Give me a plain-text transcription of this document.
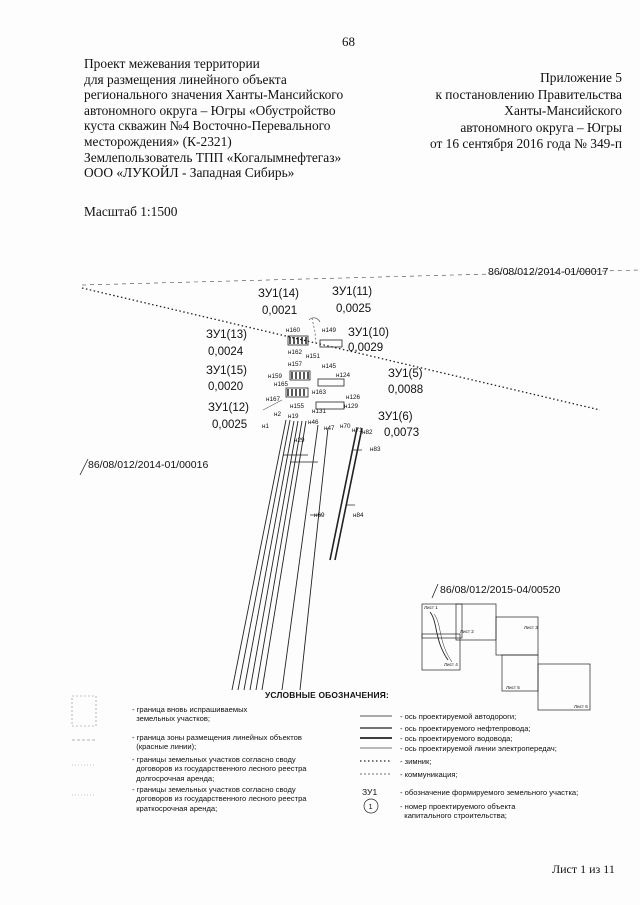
68
Проект межевания территории
для размещения линейного объекта
регионального значения Ханты-Мансийского
автономного округа – Югры «Обустройство
куста скважин №4 Восточно-Перевального
месторождения» (К-2321)
Землепользователь ТПП «Когалымнефтегаз»
ООО «ЛУКОЙЛ - Западная Сибирь»
Приложение 5
к постановлению Правительства
Ханты-Мансийского
автономного округа – Югры
от 16 сентября 2016 года № 349-п
Масштаб 1:1500
86/08/012/2014-01/00017
86/08/012/2014-01/00016
86/08/012/2015-04/00520
ЗУ1(14)
0,0021
ЗУ1(11)
0,0025
ЗУ1(13)
0,0024
ЗУ1(10)
0,0029
ЗУ1(15)
0,0020
ЗУ1(5)
0,0088
ЗУ1(12)
0,0025
ЗУ1(6)
0,0073
н160	н149
н162
н151
н157	н145
н124
н159
н165
н163
н126
н167
н155
н131
н129
н2 н19
н1
н29
н46
н47 н70
н71 н82
н83
н69	н84
Лист 1
Лист 2
Лист 3
Лист 4
Лист 5
Лист 6
ЗУ1
1
УСЛОВНЫЕ ОБОЗНАЧЕНИЯ:
- граница вновь испрашиваемых
земельных участков;
- граница зоны размещения линейных объектов
(красные линии);
- границы земельных участков согласно своду
договоров из государственного лесного реестра
долгосрочная аренда;
- границы земельных участков согласно своду
договоров из государственного лесного реестра
краткосрочная аренда;
- ось проектируемой автодороги;
- ось проектируемого нефтепровода;
- ось проектируемого водовода;
- ось проектируемой линии электропередач;
- зимник;
- коммуникация;
- обозначение формируемого земельного участка;
- номер проектируемого объекта
капитального строительства;
Лист 1 из 11
